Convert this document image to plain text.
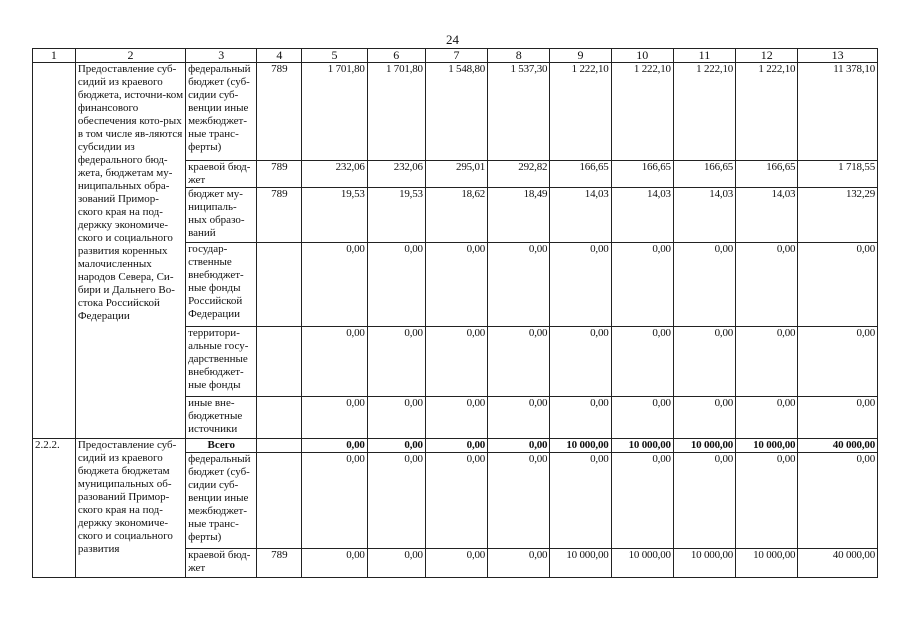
24
1	2	3	4	5	6	7	8	9	10	11	12	13
	Предоставление суб-сидий из краевого бюджета, источни-ком финансового обеспечения кото-рых в том числе яв-ляются субсидии из федерального бюд-жета, бюджетам му-ниципальных обра-зований Примор-ского края на под-держку экономиче-ского и социального развития коренных малочисленных народов Севера, Си-бири и Дальнего Во-стока Российской Федерации	федеральный бюджет (суб-сидии суб-венции иные межбюджет-ные транс-ферты)	789	1 701,80	1 701,80	1 548,80	1 537,30	1 222,10	1 222,10	1 222,10	1 222,10	11 378,10
		краевой бюд-жет	789	232,06	232,06	295,01	292,82	166,65	166,65	166,65	166,65	1 718,55
		бюджет му-ниципаль-ных образо-ваний	789	19,53	19,53	18,62	18,49	14,03	14,03	14,03	14,03	132,29
		государ-ственные внебюджет-ные фонды Российской Федерации		0,00	0,00	0,00	0,00	0,00	0,00	0,00	0,00	0,00
		территори-альные госу-дарственные внебюджет-ные фонды		0,00	0,00	0,00	0,00	0,00	0,00	0,00	0,00	0,00
		иные вне-бюджетные источники		0,00	0,00	0,00	0,00	0,00	0,00	0,00	0,00	0,00
2.2.2.	Предоставление суб-сидий из краевого бюджета бюджетам муниципальных об-разований Примор-ского края на под-держку экономиче-ского и социального развития	Всего		0,00	0,00	0,00	0,00	10 000,00	10 000,00	10 000,00	10 000,00	40 000,00
		федеральный бюджет (суб-сидии суб-венции иные межбюджет-ные транс-ферты)		0,00	0,00	0,00	0,00	0,00	0,00	0,00	0,00	0,00
		краевой бюд-жет	789	0,00	0,00	0,00	0,00	10 000,00	10 000,00	10 000,00	10 000,00	40 000,00
